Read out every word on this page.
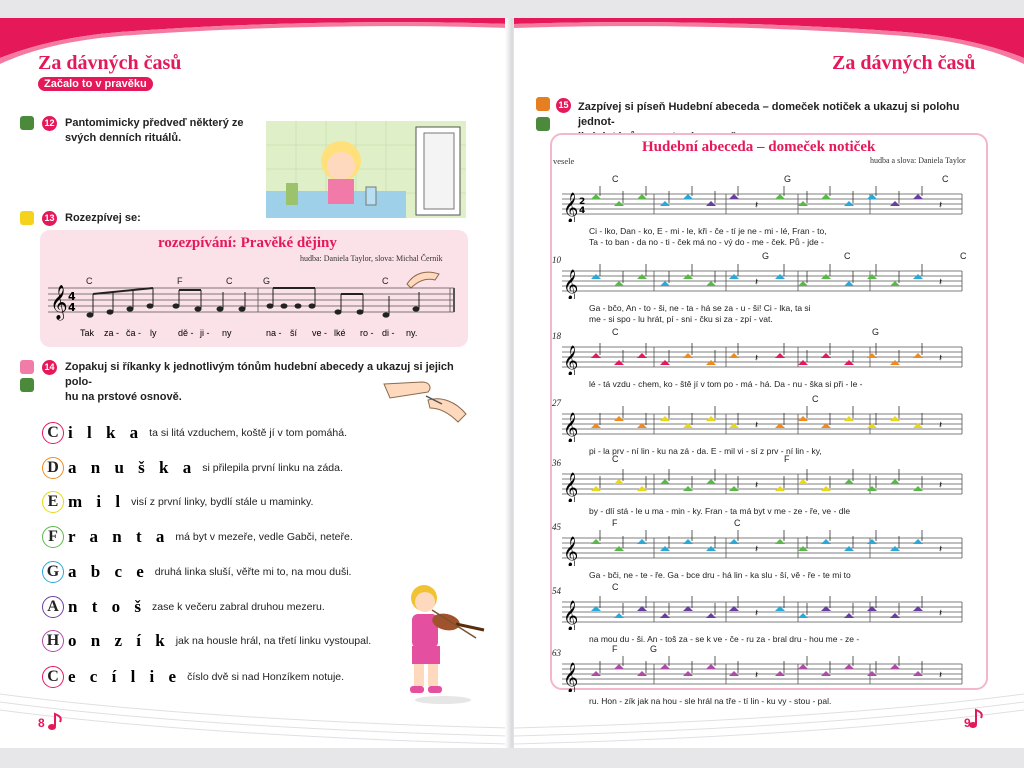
Za dávných časů
Začalo to v pravěku
12 Pantomimicky předveď některý ze
svých denních rituálů.
13 Rozezpívej se:
rozezpívání: Pravěké dějiny
hudba: Daniela Taylor, slova: Michal Černík
𝄞 4
4
C	F	C	G	C
Tak za - ča - ly dě - ji - ny	na - ší ve - lké ro - di - ny.
14 Zopakuj si říkanky k jednotlivým tónům hudební abecedy a ukazuj si jejich polo-
hu na prstové osnově.
C i l k a ta si litá vzduchem, koště jí v tom pomáhá.
D a n u š k a si přilepila první linku na záda.
E m i l visí z první linky, bydlí stále u maminky.
F r a n t a má byt v mezeře, vedle Gabči, neteře.
G a b c e druhá linka sluší, věřte mi to, na mou duši.
A n t o š zase k večeru zabral druhou mezeru.
H o n z í k jak na housle hrál, na třetí linku vystoupal.
C e c í l i e číslo dvě si nad Honzíkem notuje.
8
Za dávných časů
15 Zazpívej si píseň Hudební abeceda – domeček notiček a ukazuj si polohu jednot-
Hudební abeceda – domeček notiček
vesele	hudba a slova: Daniela Taylor
𝄞 2
4	𝄽	𝄽
C	G	C
Ci - lko, Dan - ko, E - mi - le, kři - če - tí je ne - mi - lé, Fran - to,
Ta - to ban - da no - ti - ček má no - vý do - me - ček. Pů - jde -
𝄞	𝄽	𝄽
10	G	C	C
Ga - bčo, An - to - ši, ne - ta - há se za - u - ši! Ci - lka, ta si
me - si spo - lu hrát, pí - sni - čku si za - zpí - vat.
𝄞	𝄽	𝄽
18	C	G
lé - tá vzdu - chem, ko - ště jí v tom po - má - há. Da - nu - ška si při - le -
𝄞	𝄽	𝄽
27	C
pi - la prv - ní lin - ku na zá - da. E - mil vi - sí z prv - ní lin - ky,
𝄞	𝄽	𝄽
36	C	F
by - dlí stá - le u ma - min - ky. Fran - ta má byt v me - ze - ře, ve - dle
𝄞	𝄽	𝄽
45	F	C
Ga - bči, ne - te - ře. Ga - bce dru - há lin - ka slu - ší, vě - ře - te mi to
𝄞	𝄽	𝄽
54	C
na mou du - ši. An - toš za - se k ve - če - ru za - bral dru - hou me - ze -
𝄞	𝄽	𝄽
63	F	G
ru. Hon - zík jak na hou - sle hrál na tře - tí lin - ku vy - stou - pal.
9
